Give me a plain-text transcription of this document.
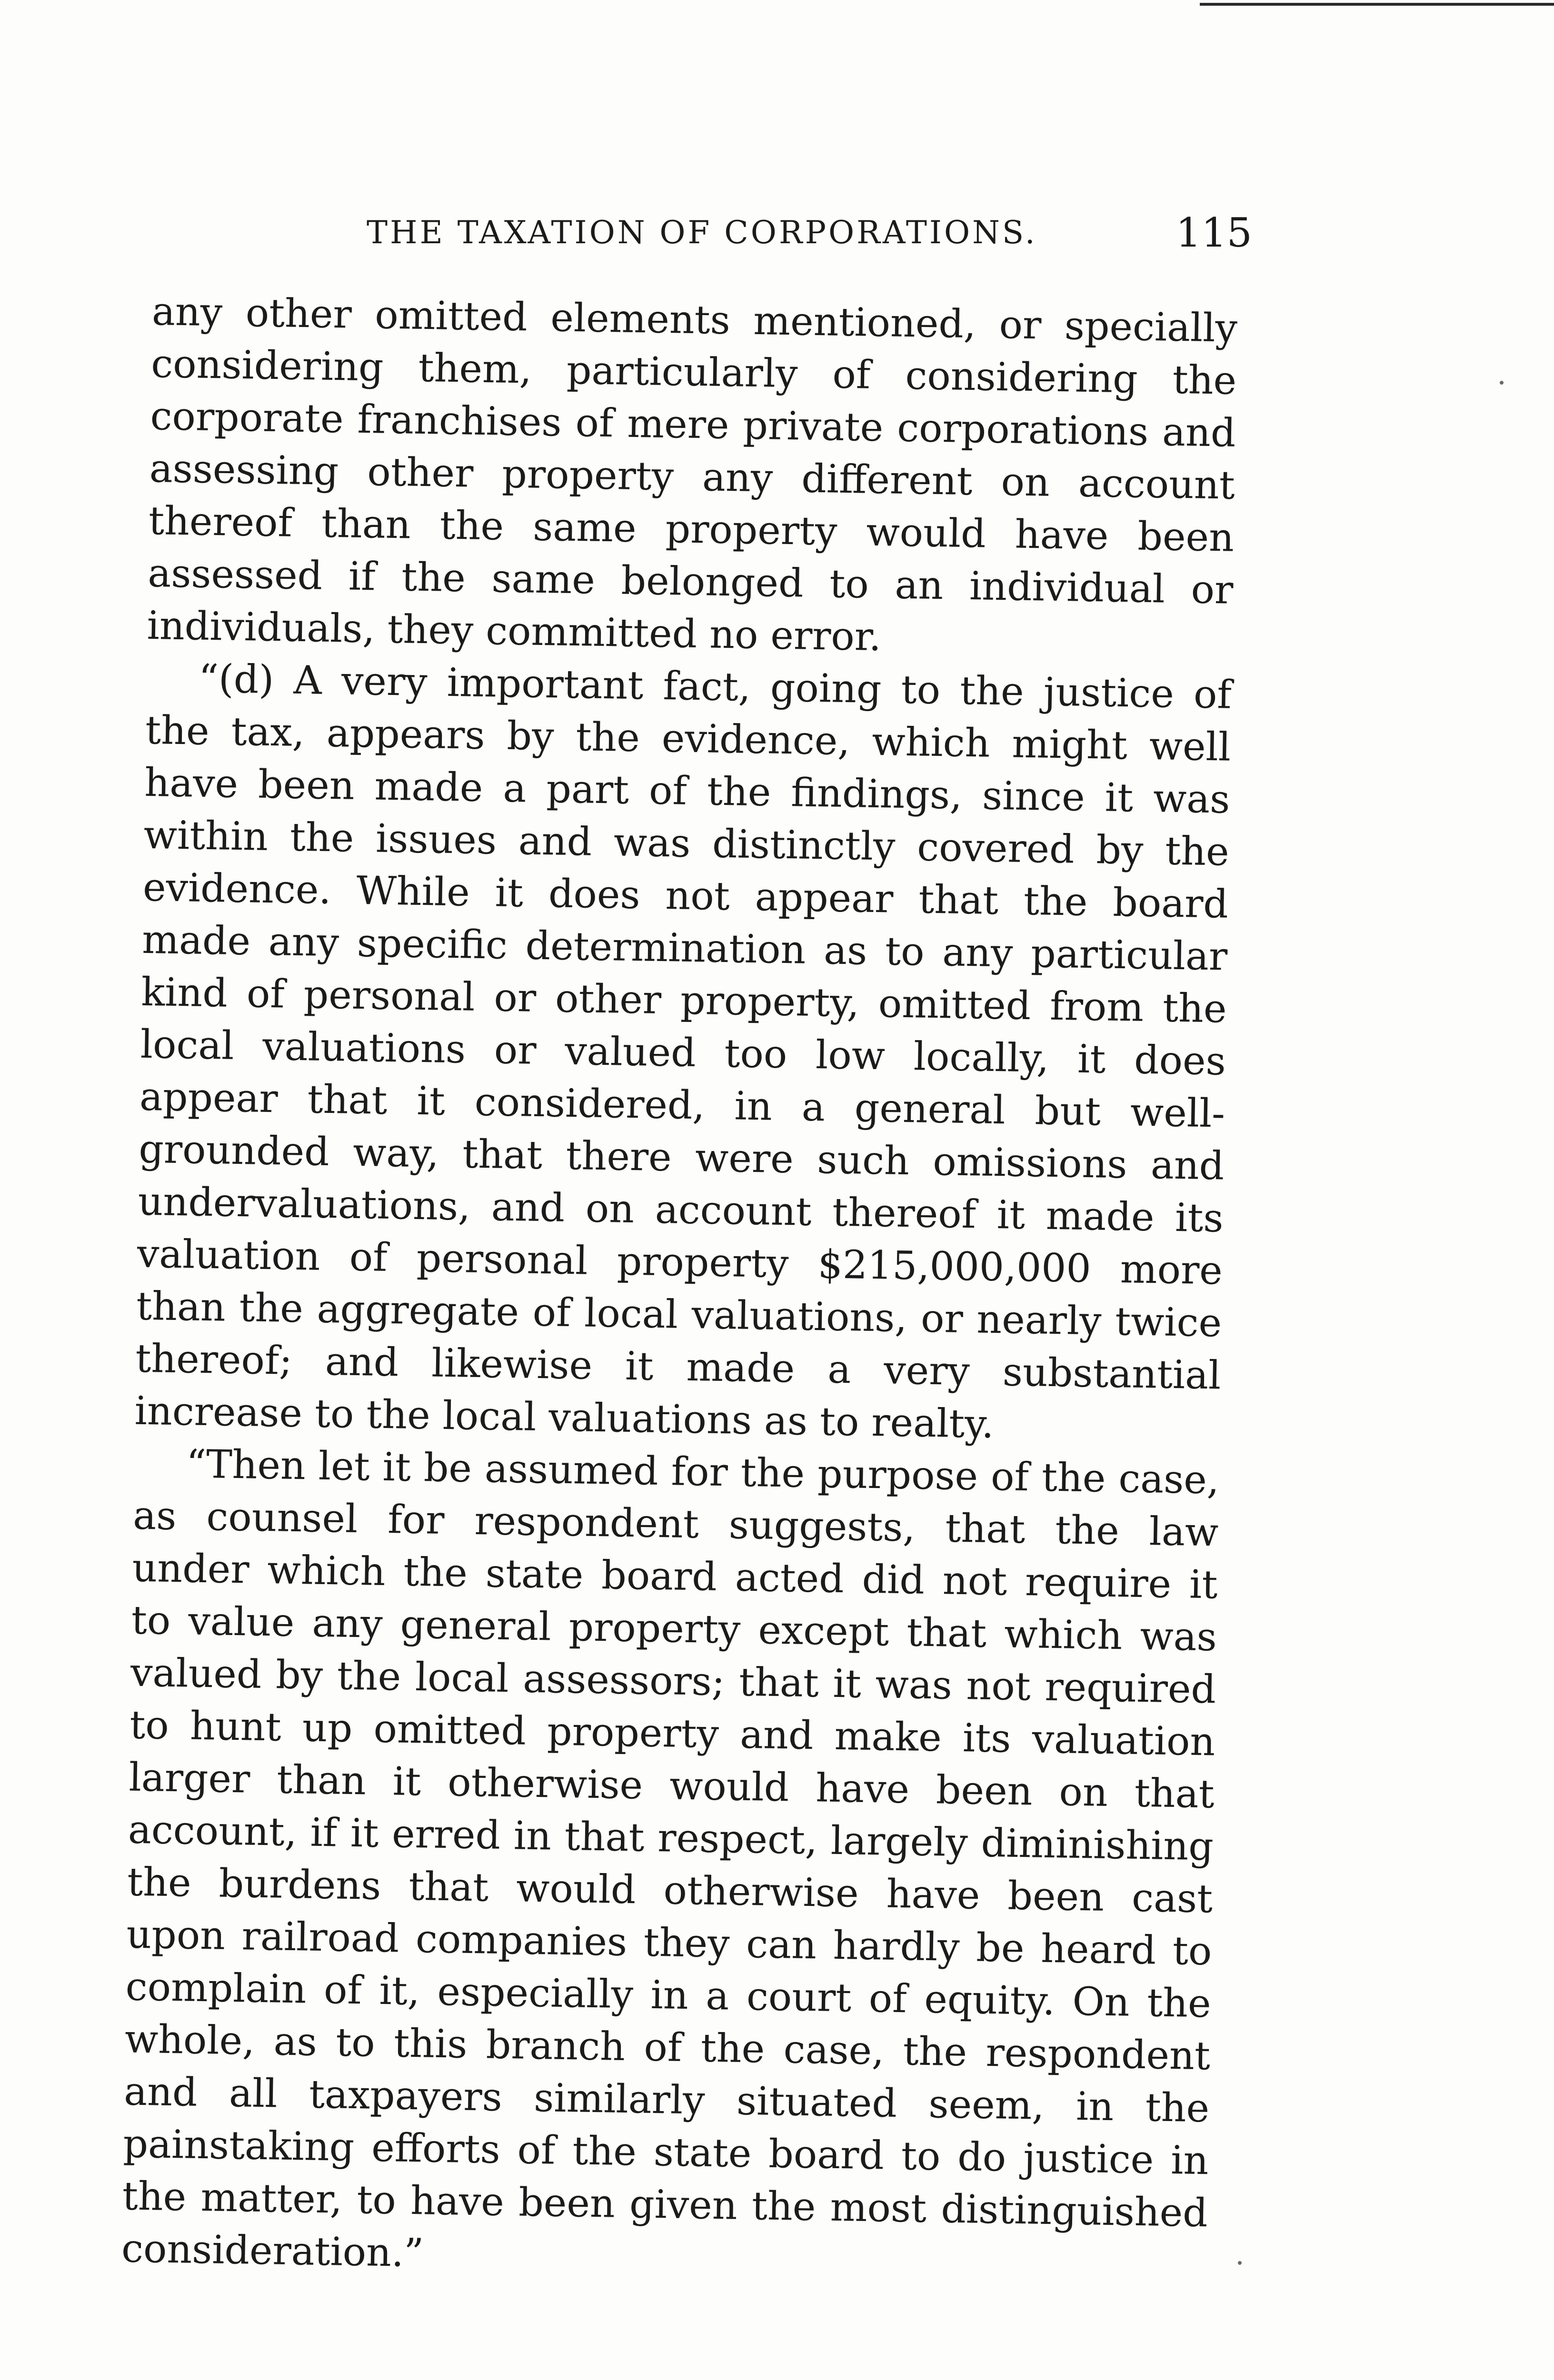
THE TAXATION OF CORPORATIONS.	115

any other omitted elements mentioned, or specially considering them, particularly of considering the corporate franchises of mere private corporations and assessing other property any different on account thereof than the same property would have been assessed if the same belonged to an individual or individuals, they committed no error.

“(d) A very important fact, going to the justice of the tax, appears by the evidence, which might well have been made a part of the findings, since it was within the issues and was distinctly covered by the evidence. While it does not appear that the board made any specific determination as to any particular kind of personal or other property, omitted from the local valuations or valued too low locally, it does appear that it considered, in a general but well-grounded way, that there were such omissions and undervaluations, and on account thereof it made its valuation of personal property $215,000,000 more than the aggregate of local valuations, or nearly twice thereof; and likewise it made a very substantial increase to the local valuations as to realty.

“Then let it be assumed for the purpose of the case, as counsel for respondent suggests, that the law under which the state board acted did not require it to value any general property except that which was valued by the local assessors; that it was not required to hunt up omitted property and make its valuation larger than it otherwise would have been on that account, if it erred in that respect, largely diminishing the burdens that would otherwise have been cast upon railroad companies they can hardly be heard to complain of it, especially in a court of equity. On the whole, as to this branch of the case, the respondent and all taxpayers similarly situated seem, in the painstaking efforts of the state board to do justice in the matter, to have been given the most distinguished consideration.”
